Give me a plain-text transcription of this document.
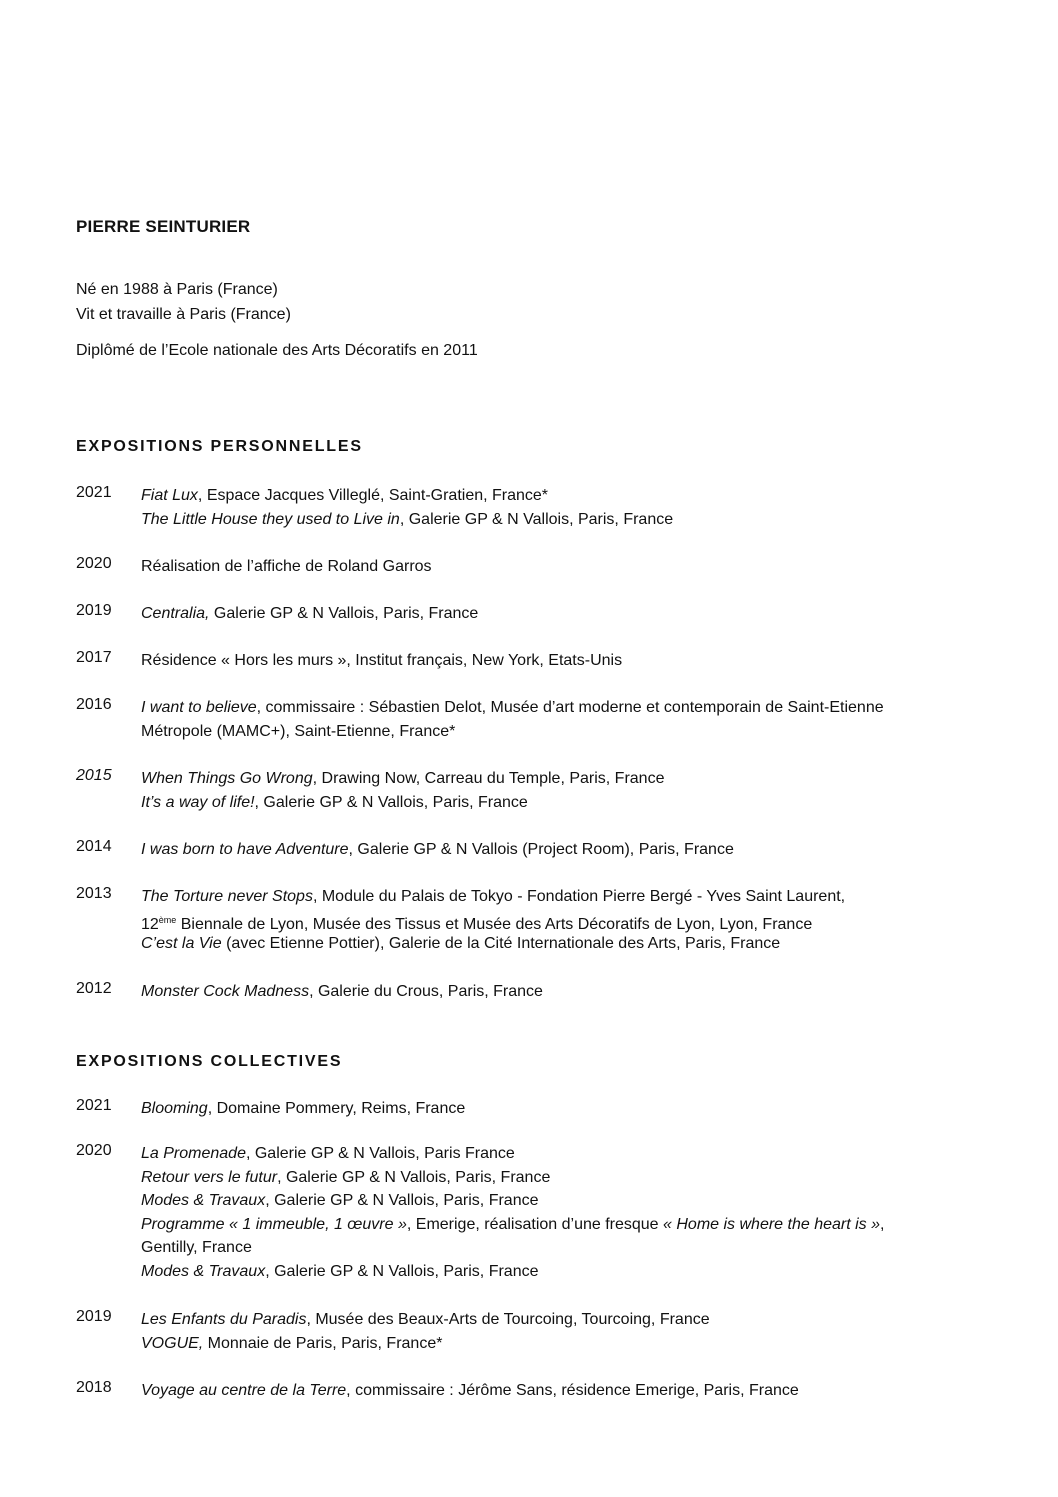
PIERRE SEINTURIER
Né en 1988 à Paris (France)
Vit et travaille à Paris (France)
Diplômé de l’Ecole nationale des Arts Décoratifs en 2011
EXPOSITIONS PERSONNELLES
2021 Fiat Lux, Espace Jacques Villeglé, Saint-Gratien, France*
The Little House they used to Live in, Galerie GP & N Vallois, Paris, France
2020 Réalisation de l’affiche de Roland Garros
2019 Centralia, Galerie GP & N Vallois, Paris, France
2017 Résidence « Hors les murs », Institut français, New York, Etats-Unis
2016 I want to believe, commissaire : Sébastien Delot, Musée d’art moderne et contemporain de Saint-Etienne
Métropole (MAMC+), Saint-Etienne, France*
2015 When Things Go Wrong, Drawing Now, Carreau du Temple, Paris, France
It’s a way of life!, Galerie GP & N Vallois, Paris, France
2014 I was born to have Adventure, Galerie GP & N Vallois (Project Room), Paris, France
2013 The Torture never Stops, Module du Palais de Tokyo - Fondation Pierre Bergé - Yves Saint Laurent,
12ème Biennale de Lyon, Musée des Tissus et Musée des Arts Décoratifs de Lyon, Lyon, France
C’est la Vie (avec Etienne Pottier), Galerie de la Cité Internationale des Arts, Paris, France
2012 Monster Cock Madness, Galerie du Crous, Paris, France
EXPOSITIONS COLLECTIVES
2021 Blooming, Domaine Pommery, Reims, France
2020 La Promenade, Galerie GP & N Vallois, Paris France
Retour vers le futur, Galerie GP & N Vallois, Paris, France
Modes & Travaux, Galerie GP & N Vallois, Paris, France
Programme « 1 immeuble, 1 œuvre », Emerige, réalisation d’une fresque « Home is where the heart is »,
Gentilly, France
Modes & Travaux, Galerie GP & N Vallois, Paris, France
2019 Les Enfants du Paradis, Musée des Beaux-Arts de Tourcoing, Tourcoing, France
VOGUE, Monnaie de Paris, Paris, France*
2018 Voyage au centre de la Terre, commissaire : Jérôme Sans, résidence Emerige, Paris, France
